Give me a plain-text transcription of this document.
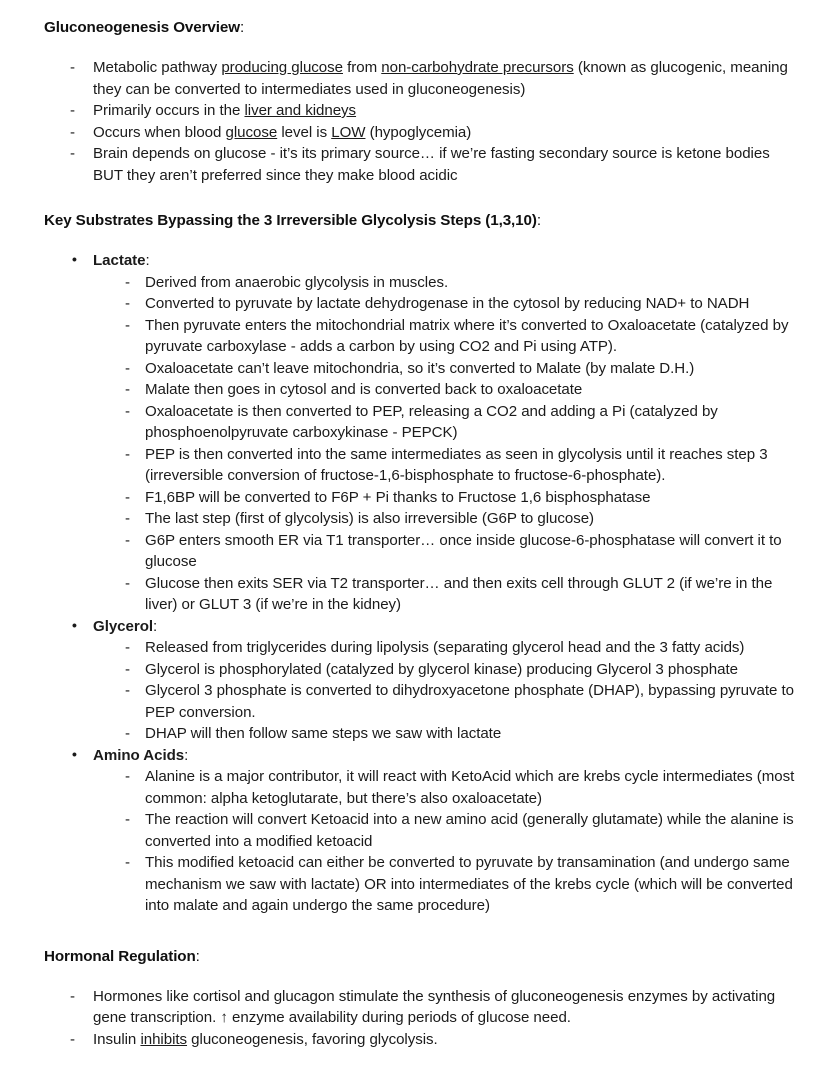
Gluconeogenesis Overview:
- Metabolic pathway producing glucose from non-carbohydrate precursors (known as glucogenic, meaning they can be converted to intermediates used in gluconeogenesis)
- Primarily occurs in the liver and kidneys
- Occurs when blood glucose level is LOW (hypoglycemia)
- Brain depends on glucose - it’s its primary source… if we’re fasting secondary source is ketone bodies BUT they aren’t preferred since they make blood acidic
Key Substrates Bypassing the 3 Irreversible Glycolysis Steps (1,3,10):
• Lactate:
- Derived from anaerobic glycolysis in muscles.
- Converted to pyruvate by lactate dehydrogenase in the cytosol by reducing NAD+ to NADH
- Then pyruvate enters the mitochondrial matrix where it’s converted to Oxaloacetate (catalyzed by pyruvate carboxylase - adds a carbon by using CO2 and Pi using ATP).
- Oxaloacetate can’t leave mitochondria, so it’s converted to Malate (by malate D.H.)
- Malate then goes in cytosol and is converted back to oxaloacetate
- Oxaloacetate is then converted to PEP, releasing a CO2 and adding a Pi (catalyzed by phosphoenolpyruvate carboxykinase - PEPCK)
- PEP is then converted into the same intermediates as seen in glycolysis until it reaches step 3 (irreversible conversion of fructose-1,6-bisphosphate to fructose-6-phosphate).
- F1,6BP will be converted to F6P + Pi thanks to Fructose 1,6 bisphosphatase
- The last step (first of glycolysis) is also irreversible (G6P to glucose)
- G6P enters smooth ER via T1 transporter… once inside glucose-6-phosphatase will convert it to glucose
- Glucose then exits SER via T2 transporter… and then exits cell through GLUT 2 (if we’re in the liver) or GLUT 3 (if we’re in the kidney)
• Glycerol:
- Released from triglycerides during lipolysis (separating glycerol head and the 3 fatty acids)
- Glycerol is phosphorylated (catalyzed by glycerol kinase) producing Glycerol 3 phosphate
- Glycerol 3 phosphate is converted to dihydroxyacetone phosphate (DHAP), bypassing pyruvate to PEP conversion.
- DHAP will then follow same steps we saw with lactate
• Amino Acids:
- Alanine is a major contributor, it will react with KetoAcid which are krebs cycle intermediates (most common: alpha ketoglutarate, but there’s also oxaloacetate)
- The reaction will convert Ketoacid into a new amino acid (generally glutamate) while the alanine is converted into a modified ketoacid
- This modified ketoacid can either be converted to pyruvate by transamination (and undergo same mechanism we saw with lactate) OR into intermediates of the krebs cycle (which will be converted into malate and again undergo the same procedure)
Hormonal Regulation:
- Hormones like cortisol and glucagon stimulate the synthesis of gluconeogenesis enzymes by activating gene transcription. ↑ enzyme availability during periods of glucose need.
- Insulin inhibits gluconeogenesis, favoring glycolysis.
